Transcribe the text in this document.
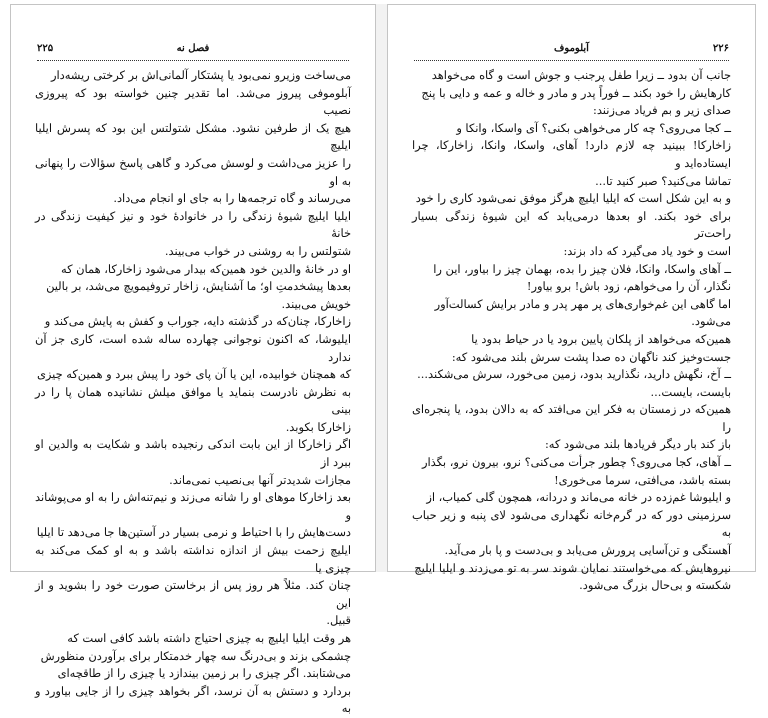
۲۲۵	فصل نه

می‌ساخت وزیرو نمی‌بود یا پشتکار آلمانی‌اش بر کرختی ریشه‌دار

آبلوموفی پیروز می‌شد. اما تقدیر چنین خواسته بود که پیروزی نصیب

هیچ یک از طرفین نشود. مشکل شتولتس این بود که پسرش ایلیا ایلیچ

را عزیز می‌داشت و لوسش می‌کرد و گاهی پاسخ سؤالات را پنهانی به او

می‌رساند و گاه ترجمه‌ها را به جای او انجام می‌داد.

ایلیا ایلیچ شیوهٔ زندگی را در خانوادهٔ خود و نیز کیفیت زندگی در خانهٔ

شتولتس را به روشنی در خواب می‌بیند.

او در خانهٔ والدین خود همین‌که بیدار می‌شود زاخارکا، همان که

بعدها پیشخدمتِ او؛ ما آشنایش، زاخار تروفیمویچ می‌شد، بر بالین

خویش می‌بیند.

زاخارکا، چنان‌که در گذشته دایه، جوراب و کفش به پایش می‌کند و

ایلیوشا، که اکنون نوجوانی چهارده ساله شده است، کاری جز آن ندارد

که همچنان خوابیده، این یا آن پای خود را پیش ببرد و همین‌که چیزی

به نظرش نادرست بنماید یا موافق میلش نشانیده همان پا را در بینی

زاخارکا بکوبد.

اگر زاخارکا از این بابت اندکی رنجیده باشد و شکایت به والدین او ببرد از

مجازات شدیدتر آنها بی‌نصیب نمی‌ماند.

بعد زاخارکا موهای او را شانه می‌زند و نیم‌تنه‌اش را به او می‌پوشاند و

دست‌هایش را با احتیاط و نرمی بسیار در آستین‌ها جا می‌دهد تا ایلیا

ایلیچ زحمت بیش از اندازه نداشته باشد و به او کمک می‌کند به چیزی یا

چنان کند. مثلاً هر روز پس از برخاستن صورت خود را بشوید و از این

قبیل.

هر وقت ایلیا ایلیچ به چیزی احتیاج داشته باشد کافی است که

چشمکی بزند و بی‌درنگ سه چهار خدمتکار برای برآوردن منظورش

می‌شتابند. اگر چیزی را بر زمین بیندازد یا چیزی را از طاقچه‌ای

بردارد و دستش به آن نرسد، اگر بخواهد چیزی را از جایی بیاورد و به

۲۲۶
آبلوموف

جانب آن بدود ــ زیرا طفل پرجنب و جوش است و گاه می‌خواهد

کارهایش را خود بکند ــ فوراً پدر و مادر و خاله و عمه و دایی با پنج

صدای زیر و بم فریاد می‌زنند:

ــ کجا می‌روی؟ چه کار می‌خواهی بکنی؟ آی واسکا، وانکا و

زاخارکا! ببینید چه لازم دارد! آهای، واسکا، وانکا، زاخارکا، چرا ایستاده‌اید و

تماشا می‌کنید؟ صبر کنید تا...

و به این شکل است که ایلیا ایلیچ هرگز موفق نمی‌شود کاری را خود

برای خود بکند. او بعدها درمی‌یابد که این شیوهٔ زندگی بسیار راحت‌تر

است و خود یاد می‌گیرد که داد بزند:

ــ آهای واسکا، وانکا، فلان چیز را بده، بهمان چیز را بیاور، این را

نگذار، آن را می‌خواهم، زود باش! برو بیاور!

اما گاهی این غم‌خواری‌های پر مهر پدر و مادر برایش کسالت‌آور

می‌شود.

همین‌که می‌خواهد از پلکان پایین برود یا در حیاط بدود یا

جست‌وخیز کند ناگهان ده صدا پشت سرش بلند می‌شود که:

ــ آخ، نگهش دارید، نگذارید بدود، زمین می‌خورد، سرش می‌شکند...

بایست، بایست...

همین‌که در زمستان به فکر این می‌افتد که به دالان بدود، یا پنجره‌ای را

باز کند بار دیگر فریادها بلند می‌شود که:

ــ آهای، کجا می‌روی؟ چطور جرأت می‌کنی؟ نرو، بیرون نرو، بگذار

بسته باشد، می‌افتی، سرما می‌خوری!

و ایلیوشا غم‌زده در خانه می‌ماند و درد‌انه، همچون گلی کمیاب، از

سرزمینی دور که در گرم‌خانه نگهداری می‌شود لای پنبه و زیر حباب به

آهستگی و تن‌آسایی پرورش می‌یابد و بی‌دست و پا بار می‌آید.

نیروهایش که می‌خواستند نمایان شوند سر به تو می‌زدند و ایلیا ایلیچ

شکسته و بی‌حال بزرگ می‌شود.
